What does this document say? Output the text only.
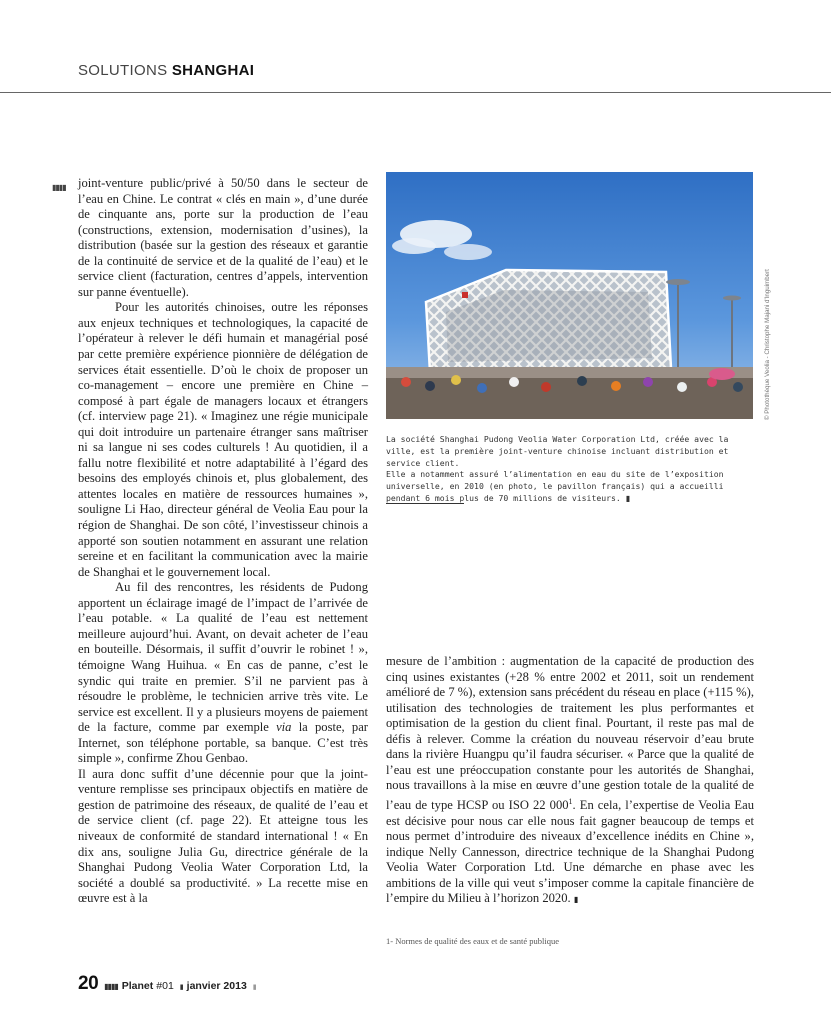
SOLUTIONS SHANGHAI
▮▮▮▮ joint-venture public/privé à 50/50 dans le secteur de l’eau en Chine. Le contrat « clés en main », d’une durée de cinquante ans, porte sur la production de l’eau (constructions, extension, modernisation d’usines), la distribution (basée sur la gestion des réseaux et garantie de la continuité de service et de la qualité de l’eau) et le service client (facturation, centres d’appels, intervention sur panne éventuelle).

Pour les autorités chinoises, outre les réponses aux enjeux techniques et technologiques, la capacité de l’opérateur à relever le défi humain et managérial posé par cette première expérience pionnière de délégation de services était essentielle. D’où le choix de proposer un co-management – encore une première en Chine – composé à part égale de managers locaux et étrangers (cf. interview page 21). « Imaginez une régie municipale qui doit introduire un partenaire étranger sans maîtriser ni sa langue ni ses codes culturels ! Au quotidien, il a fallu notre flexibilité et notre adaptabilité à l’égard des besoins des employés chinois et, plus globalement, des attentes locales en matière de ressources humaines », souligne Li Hao, directeur général de Veolia Eau pour la région de Shanghai. De son côté, l’investisseur chinois a apporté son soutien notamment en assurant une relation sereine et en facilitant la communication avec la mairie de Shanghai et le gouvernement local.

Au fil des rencontres, les résidents de Pudong apportent un éclairage imagé de l’impact de l’arrivée de l’eau potable. « La qualité de l’eau est nettement meilleure aujourd’hui. Avant, on devait acheter de l’eau en bouteille. Désormais, il suffit d’ouvrir le robinet ! », témoigne Wang Huihua. « En cas de panne, c’est le syndic qui traite en premier. S’il ne parvient pas à résoudre le problème, le technicien arrive très vite. Le service est excellent. Il y a plusieurs moyens de paiement de la facture, comme par exemple via la poste, par Internet, son téléphone portable, sa banque. C’est très simple », confirme Zhou Genbao.

Il aura donc suffit d’une décennie pour que la joint-venture remplisse ses principaux objectifs en matière de gestion de patrimoine des réseaux, de qualité de l’eau et de service client (cf. page 22). Et atteigne tous les niveaux de conformité de standard international ! « En dix ans, souligne Julia Gu, directrice générale de la Shanghai Pudong Veolia Water Corporation Ltd, la société a doublé sa productivité. » La recette mise en œuvre est à la

© Photothèque Veolia - Christophe Majani d'Inguimbert

La société Shanghai Pudong Veolia Water Corporation Ltd, créée avec la ville, est la première joint-venture chinoise incluant distribution et service client.

Elle a notamment assuré l’alimentation en eau du site de l’exposition universelle, en 2010 (en photo, le pavillon français) qui a accueilli pendant 6 mois plus de 70 millions de visiteurs. ▮

mesure de l’ambition : augmentation de la capacité de production des cinq usines existantes (+28 % entre 2002 et 2011, soit un rendement amélioré de 7 %), extension sans précédent du réseau en place (+115 %), utilisation des technologies de traitement les plus performantes et optimisation de la gestion du client final. Pourtant, il reste pas mal de défis à relever. Comme la création du nouveau réservoir d’eau brute dans la rivière Huangpu qu’il faudra sécuriser. « Parce que la qualité de l’eau est une préoccupation constante pour les autorités de Shanghai, nous travaillons à la mise en œuvre d’une gestion totale de la qualité de l’eau de type HCSP ou ISO 22 $000^1$. En cela, l’expertise de Veolia Eau est décisive pour nous car elle nous fait gagner beaucoup de temps et nous permet d’introduire des niveaux d’excellence inédits en Chine », indique Nelly Cannesson, directrice technique de la Shanghai Pudong Veolia Water Corporation Ltd. Une démarche en phase avec les ambitions de la ville qui veut s’imposer comme la capitale financière de l’empire du Milieu à l’horizon 2020. ▮

1- Normes de qualité des eaux et de santé publique
20 ▮▮▮▮ Planet #01 ▮ janvier 2013 ▮
